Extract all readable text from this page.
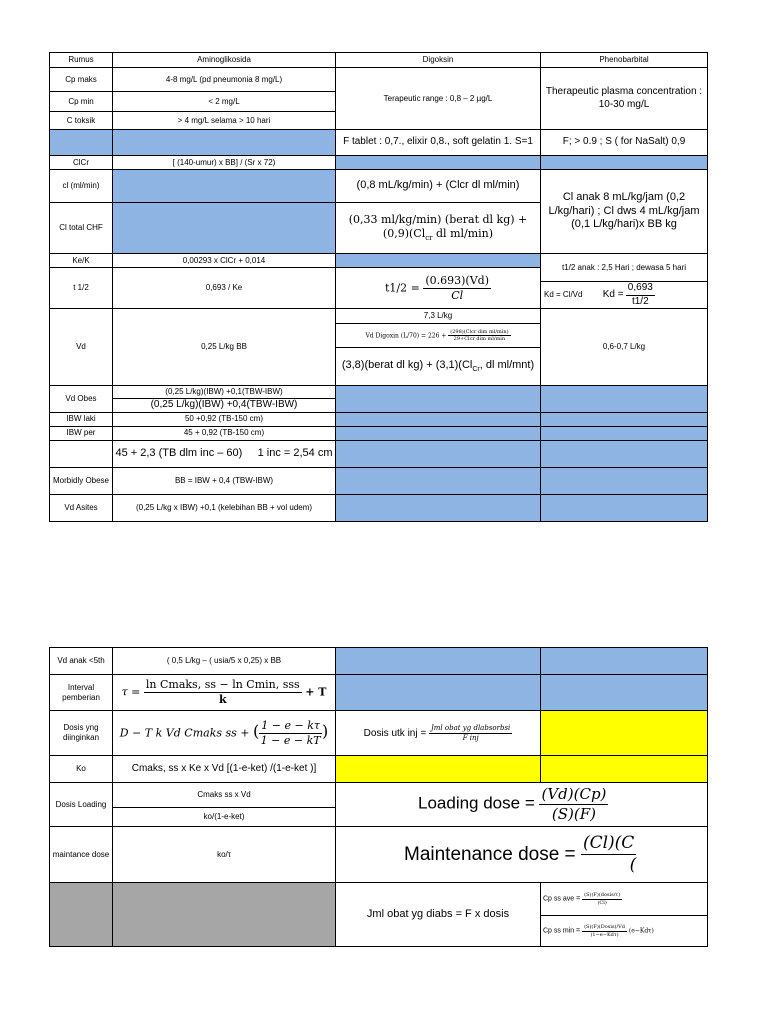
Rumus	Aminoglikosida	Digoksin	Phenobarbital
Cp maks	4-8 mg/L (pd pneumonia 8 mg/L)	Terapeutic range : 0,8 – 2 µg/L	Therapeutic plasma concentration : 10-30 mg/L
Cp min	< 2 mg/L		
C toksik	> 4 mg/L selama > 10 hari		
		F tablet : 0,7., elixir 0,8., soft gelatin 1. S=1	F; > 0.9 ; S ( for NaSalt) 0,9
ClCr	[ (140-umur) x BB] / (Sr x 72)		
cl (ml/min)		(0,8 mL/kg/min) + (Clcr dl ml/min)	Cl anak 8 mL/kg/jam (0,2 L/kg/hari) ; Cl dws 4 mL/kg/jam (0,1 L/kg/hari)x BB kg
Cl total CHF		(0,33 ml/kg/min) (berat dl $kg) + (0,9)(Cl_{cr}$ dl ml/min)	
Ke/K	0,00293 x ClCr + 0,014		t1/2 anak : 2,5 Hari ; dewasa 5 hari
t 1/2	0,693 / Ke	$t1/2 = \frac{(0.693)(Vd)}{Cl}$

			Kd = Cl/Vd $Kd = \frac{0,693}{t1/2}$

Vd	0,25 L/kg BB	7,3 L/kg	0,6-0,7 L/kg
		Vd Digoxin $(L/70) = 226 + \frac{\text{(298)(Clcr dim ml/min)}}{\text{29+Clcr dim ml/min}}$

		(3,8)(berat dl $kg) + (3,1)(Cl_{Cr}$, dl ml/mnt)	
Vd Obes	(0,25 L/kg)(IBW) +0,1(TBW-IBW)		
	(0,25 L/kg)(IBW) +0,4(TBW-IBW)		
IBW laki	50 +0,92 (TB-150 cm)		
IBW per	45 + 0,92 (TB-150 cm)		
	45 + 2,3 (TB dlm inc – 60)     1 inc = 2,54 cm		
Morbidly Obese	BB = IBW + 0,4 (TBW-IBW)		
Vd Asites	(0,25 L/kg x IBW) +0,1 (kelebihan BB + vol udem)		
Vd anak <5th	( 0,5 L/kg – ( usia/5 x 0,25) x BB		
Interval pemberian	$\tau = \frac{\text{ln Cmaks, ss − ln Cmin, sss}}{k} + T$		
Dosis yng diinginkan	D − T k Vd Cmaks ss + ( $\frac{1 - e - k\tau}{1 - e - kT}$ )	Dosis utk inj = $\frac{\text{Jml obat yg dlabsorbsi}}{\text{F inj}}$

Ko	Cmaks, ss x Ke x Vd [(1-e-ket) /(1-e-ket )]		
Dosis Loading	Cmaks ss x Vd	Loading dose = $\frac{(Vd)(Cp)}{(S)(F)}$

	ko/(1-e-ket)		
maintance dose	ko/τ	Maintenance dose = $\frac{(Cl)(C}{(}$

		Jml obat yg diabs = F x dosis	Cp ss ave = $\frac{\text{(S)(F)(dosis/τ)}}{(Cl)}$

			Cp ss $\min = \frac{\text{(S)(F)(Dosis)/Vd}}{\text{(1−e−Kdτ)}} (e-Kd\tau)$
